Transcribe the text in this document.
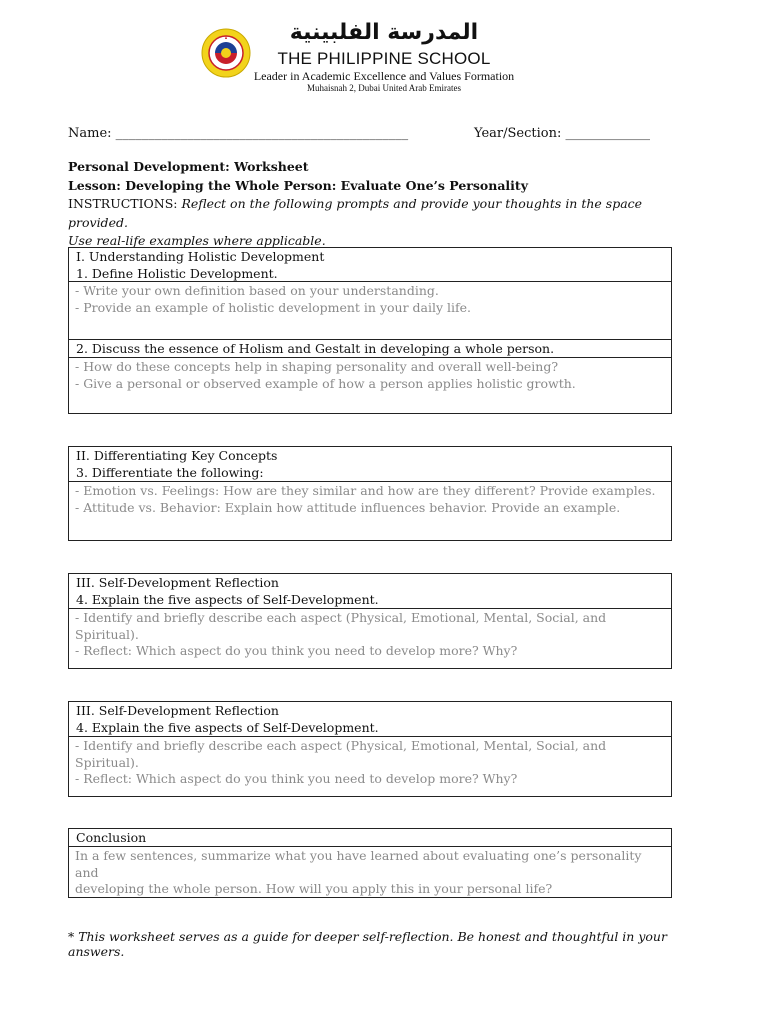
المدرسة الفلبينية
THE PHILIPPINE SCHOOL
Leader in Academic Excellence and Values Formation
Muhaisnah 2, Dubai United Arab Emirates
Name: _____________________________________________	Year/Section: _____________
Personal Development: Worksheet
Lesson: Developing the Whole Person: Evaluate One’s Personality
INSTRUCTIONS: Reflect on the following prompts and provide your thoughts in the space provided.
Use real-life examples where applicable.
I. Understanding Holistic Development
1. Define Holistic Development.
- Write your own definition based on your understanding.
- Provide an example of holistic development in your daily life.
2. Discuss the essence of Holism and Gestalt in developing a whole person.
- How do these concepts help in shaping personality and overall well-being?
- Give a personal or observed example of how a person applies holistic growth.
II. Differentiating Key Concepts
3. Differentiate the following:
- Emotion vs. Feelings: How are they similar and how are they different? Provide examples.
- Attitude vs. Behavior: Explain how attitude influences behavior. Provide an example.
III. Self-Development Reflection
4. Explain the five aspects of Self-Development.
- Identify and briefly describe each aspect (Physical, Emotional, Mental, Social, and Spiritual).
- Reflect: Which aspect do you think you need to develop more? Why?
III. Self-Development Reflection
4. Explain the five aspects of Self-Development.
- Identify and briefly describe each aspect (Physical, Emotional, Mental, Social, and Spiritual).
- Reflect: Which aspect do you think you need to develop more? Why?
Conclusion
In a few sentences, summarize what you have learned about evaluating one’s personality and
developing the whole person. How will you apply this in your personal life?
* This worksheet serves as a guide for deeper self-reflection. Be honest and thoughtful in your answers.
